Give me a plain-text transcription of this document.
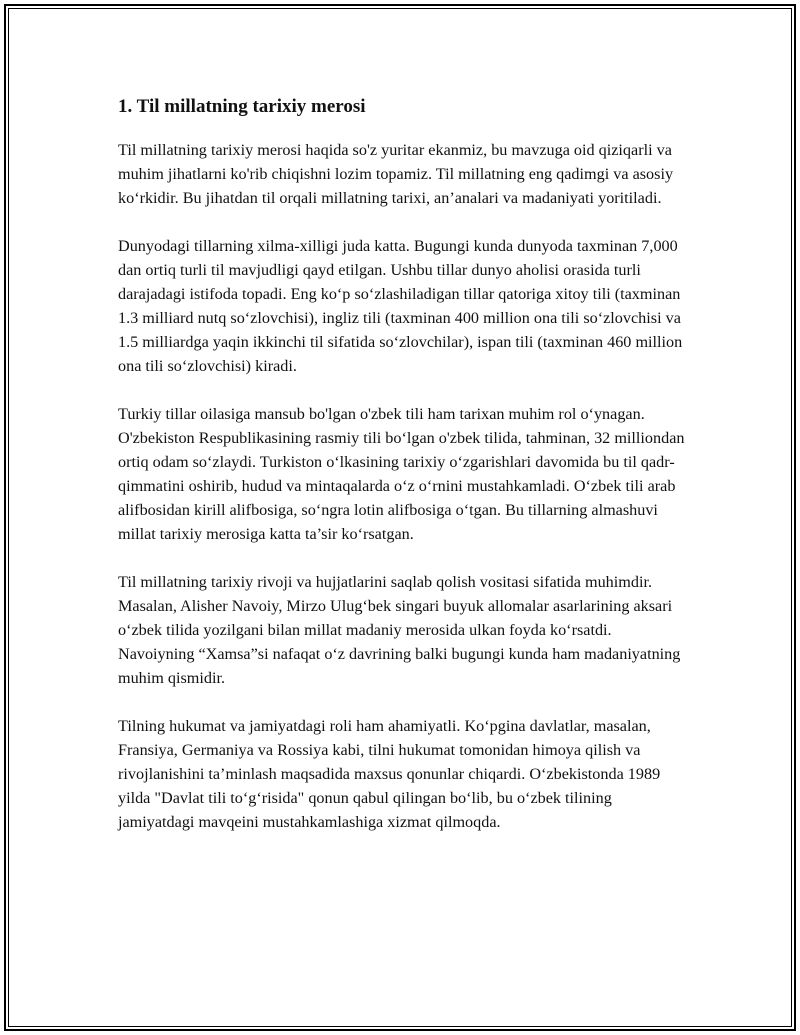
1. Til millatning tarixiy merosi

Til millatning tarixiy merosi haqida so'z yuritar ekanmiz, bu mavzuga oid qiziqarli va muhim jihatlarni ko'rib chiqishni lozim topamiz. Til millatning eng qadimgi va asosiy ko‘rkidir. Bu jihatdan til orqali millatning tarixi, an’analari va madaniyati yoritiladi.

Dunyodagi tillarning xilma-xilligi juda katta. Bugungi kunda dunyoda taxminan 7,000 dan ortiq turli til mavjudligi qayd etilgan. Ushbu tillar dunyo aholisi orasida turli darajadagi istifoda topadi. Eng ko‘p so‘zlashiladigan tillar qatoriga xitoy tili (taxminan 1.3 milliard nutq so‘zlovchisi), ingliz tili (taxminan 400 million ona tili so‘zlovchisi va 1.5 milliardga yaqin ikkinchi til sifatida so‘zlovchilar), ispan tili (taxminan 460 million ona tili so‘zlovchisi) kiradi.

Turkiy tillar oilasiga mansub bo'lgan o'zbek tili ham tarixan muhim rol o‘ynagan. O'zbekiston Respublikasining rasmiy tili bo‘lgan o'zbek tilida, tahminan, 32 milliondan ortiq odam so‘zlaydi. Turkiston o‘lkasining tarixiy o‘zgarishlari davomida bu til qadr-qimmatini oshirib, hudud va mintaqalarda o‘z o‘rnini mustahkamladi. O‘zbek tili arab alifbosidan kirill alifbosiga, so‘ngra lotin alifbosiga o‘tgan. Bu tillarning almashuvi millat tarixiy merosiga katta ta’sir ko‘rsatgan.

Til millatning tarixiy rivoji va hujjatlarini saqlab qolish vositasi sifatida muhimdir. Masalan, Alisher Navoiy, Mirzo Ulug‘bek singari buyuk allomalar asarlarining aksari o‘zbek tilida yozilgani bilan millat madaniy merosida ulkan foyda ko‘rsatdi. Navoiyning “Xamsa”si nafaqat o‘z davrining balki bugungi kunda ham madaniyatning muhim qismidir.

Tilning hukumat va jamiyatdagi roli ham ahamiyatli. Ko‘pgina davlatlar, masalan, Fransiya, Germaniya va Rossiya kabi, tilni hukumat tomonidan himoya qilish va rivojlanishini ta’minlash maqsadida maxsus qonunlar chiqardi. O‘zbekistonda 1989 yilda "Davlat tili to‘g‘risida" qonun qabul qilingan bo‘lib, bu o‘zbek tilining jamiyatdagi mavqeini mustahkamlashiga xizmat qilmoqda.
